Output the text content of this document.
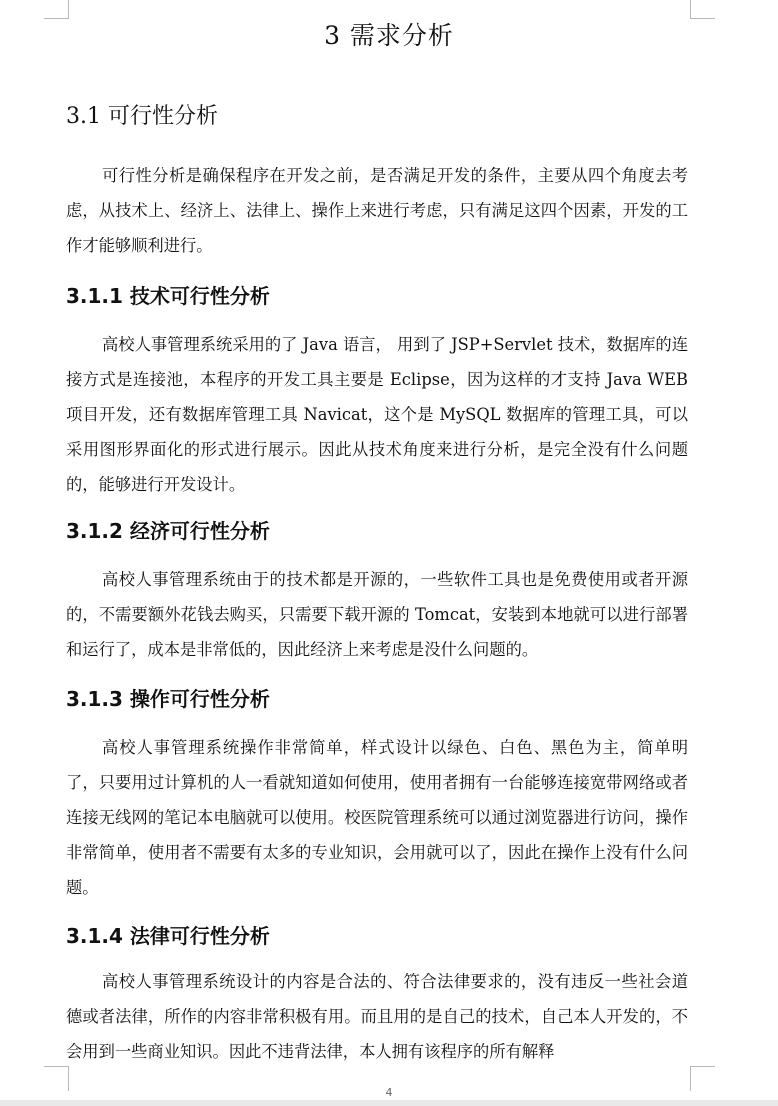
3 需求分析
3.1 可行性分析
可行性分析是确保程序在开发之前，是否满足开发的条件，主要从四个角度去考虑，从技术上、经济上、法律上、操作上来进行考虑，只有满足这四个因素，开发的工作才能够顺利进行。
3.1.1 技术可行性分析
高校人事管理系统采用的了 Java 语言， 用到了 JSP+Servlet 技术，数据库的连接方式是连接池，本程序的开发工具主要是 Eclipse，因为这样的才支持 Java WEB 项目开发，还有数据库管理工具 Navicat，这个是 MySQL 数据库的管理工具，可以采用图形界面化的形式进行展示。因此从技术角度来进行分析，是完全没有什么问题的，能够进行开发设计。
3.1.2 经济可行性分析
高校人事管理系统由于的技术都是开源的，一些软件工具也是免费使用或者开源的，不需要额外花钱去购买，只需要下载开源的 Tomcat，安装到本地就可以进行部署和运行了，成本是非常低的，因此经济上来考虑是没什么问题的。
3.1.3 操作可行性分析
高校人事管理系统操作非常简单，样式设计以绿色、白色、黑色为主，简单明了，只要用过计算机的人一看就知道如何使用，使用者拥有一台能够连接宽带网络或者连接无线网的笔记本电脑就可以使用。校医院管理系统可以通过浏览器进行访问，操作非常简单，使用者不需要有太多的专业知识，会用就可以了，因此在操作上没有什么问题。
3.1.4 法律可行性分析
高校人事管理系统设计的内容是合法的、符合法律要求的，没有违反一些社会道德或者法律，所作的内容非常积极有用。而且用的是自己的技术，自己本人开发的，不会用到一些商业知识。因此不违背法律，本人拥有该程序的所有解释
4
